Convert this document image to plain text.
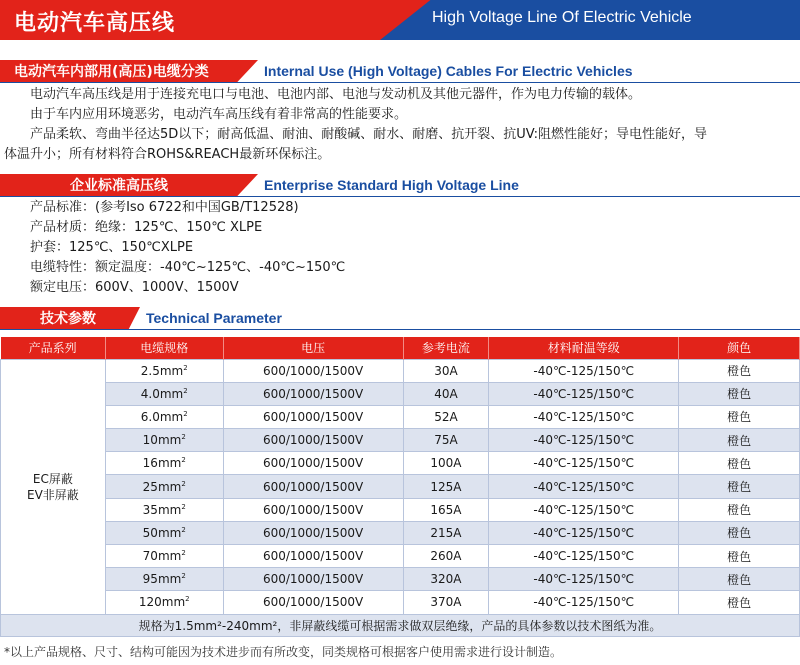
电动汽车高压线	High Voltage Line Of Electric Vehicle
电动汽车内部用(高压)电缆分类	Internal Use (High Voltage) Cables For Electric Vehicles
电动汽车高压线是用于连接充电口与电池、电池内部、电池与发动机及其他元器件，作为电力传输的载体。
由于车内应用环境恶劣，电动汽车高压线有着非常高的性能要求。
产品柔软、弯曲半径达5D以下；耐高低温、耐油、耐酸碱、耐水、耐磨、抗开裂、抗UV:阻燃性能好；导电性能好，导
体温升小；所有材料符合ROHS&REACH最新环保标注。
企业标准高压线	Enterprise Standard High Voltage Line
产品标准：(参考Iso 6722和中国GB/T12528)
产品材质：绝缘：125℃、150℃ XLPE
护套：125℃、150℃XLPE
电缆特性：额定温度：-40℃~125℃、-40℃~150℃
额定电压：600V、1000V、1500V
技术参数	Technical Parameter
产品系列	电缆规格	电压	参考电流	材料耐温等级	颜色

EC屏蔽
EV非屏蔽	$2.5mm^2$	600/1000/1500V	30A	-40℃-125/150℃	橙色
	$4.0mm^2$	600/1000/1500V	40A	-40℃-125/150℃	橙色
	$6.0mm^2$	600/1000/1500V	52A	-40℃-125/150℃	橙色
	$10mm^2$	600/1000/1500V	75A	-40℃-125/150℃	橙色
	$16mm^2$	600/1000/1500V	100A	-40℃-125/150℃	橙色
	$25mm^2$	600/1000/1500V	125A	-40℃-125/150℃	橙色
	$35mm^2$	600/1000/1500V	165A	-40℃-125/150℃	橙色
	$50mm^2$	600/1000/1500V	215A	-40℃-125/150℃	橙色
	$70mm^2$	600/1000/1500V	260A	-40℃-125/150℃	橙色
	$95mm^2$	600/1000/1500V	320A	-40℃-125/150℃	橙色
	$120mm^2$	600/1000/1500V	370A	-40℃-125/150℃	橙色
规格为1.5mm²-240mm²，非屏蔽线缆可根据需求做双层绝缘，产品的具体参数以技术图纸为准。					
*以上产品规格、尺寸、结构可能因为技术进步而有所改变，同类规格可根据客户使用需求进行设计制造。
